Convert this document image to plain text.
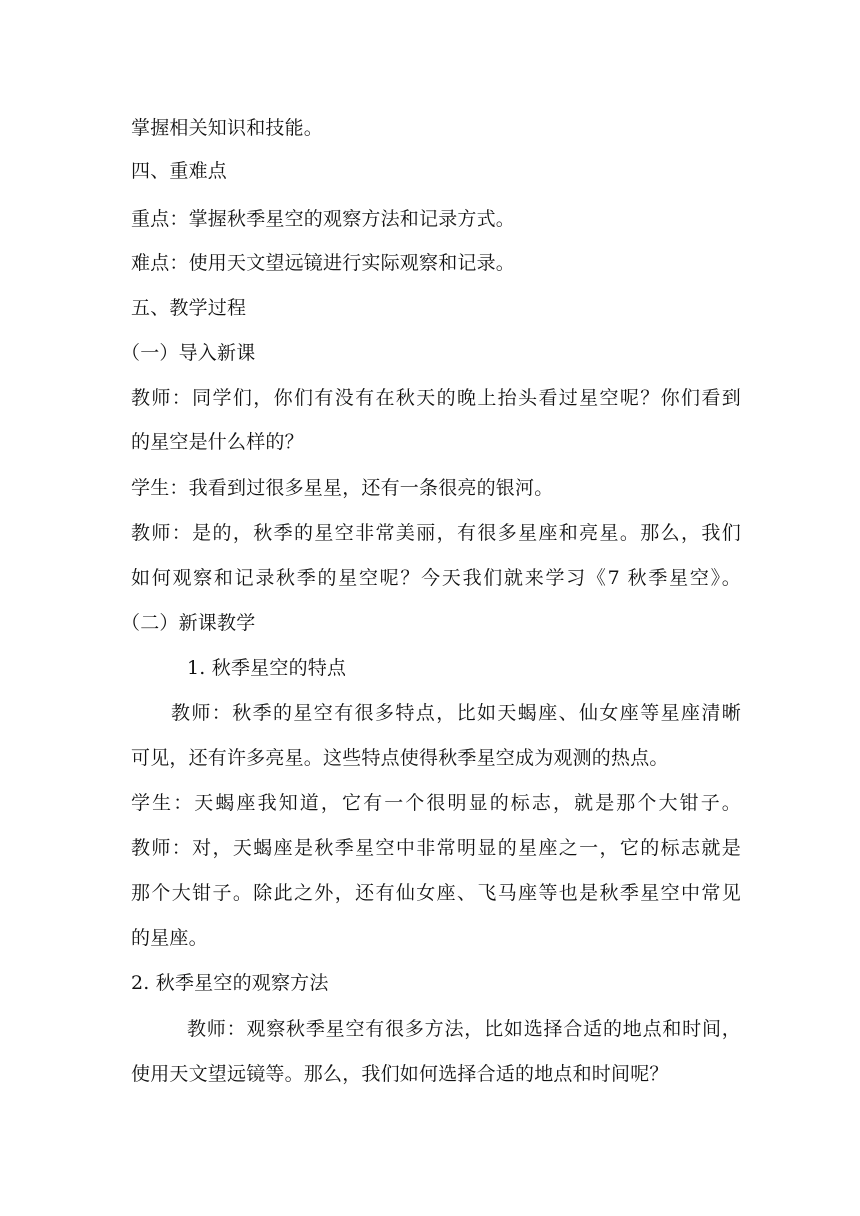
掌握相关知识和技能。
四、重难点
重点：掌握秋季星空的观察方法和记录方式。
难点：使用天文望远镜进行实际观察和记录。
五、教学过程
（一）导入新课
教师：同学们，你们有没有在秋天的晚上抬头看过星空呢？你们看到
的星空是什么样的？
学生：我看到过很多星星，还有一条很亮的银河。
教师：是的，秋季的星空非常美丽，有很多星座和亮星。那么，我们
如何观察和记录秋季的星空呢？今天我们就来学习《7 秋季星空》。
（二）新课教学
1. 秋季星空的特点
教师：秋季的星空有很多特点，比如天蝎座、仙女座等星座清晰
可见，还有许多亮星。这些特点使得秋季星空成为观测的热点。
学生：天蝎座我知道，它有一个很明显的标志，就是那个大钳子。
教师：对，天蝎座是秋季星空中非常明显的星座之一，它的标志就是
那个大钳子。除此之外，还有仙女座、飞马座等也是秋季星空中常见
的星座。
2. 秋季星空的观察方法
教师：观察秋季星空有很多方法，比如选择合适的地点和时间，
使用天文望远镜等。那么，我们如何选择合适的地点和时间呢？
